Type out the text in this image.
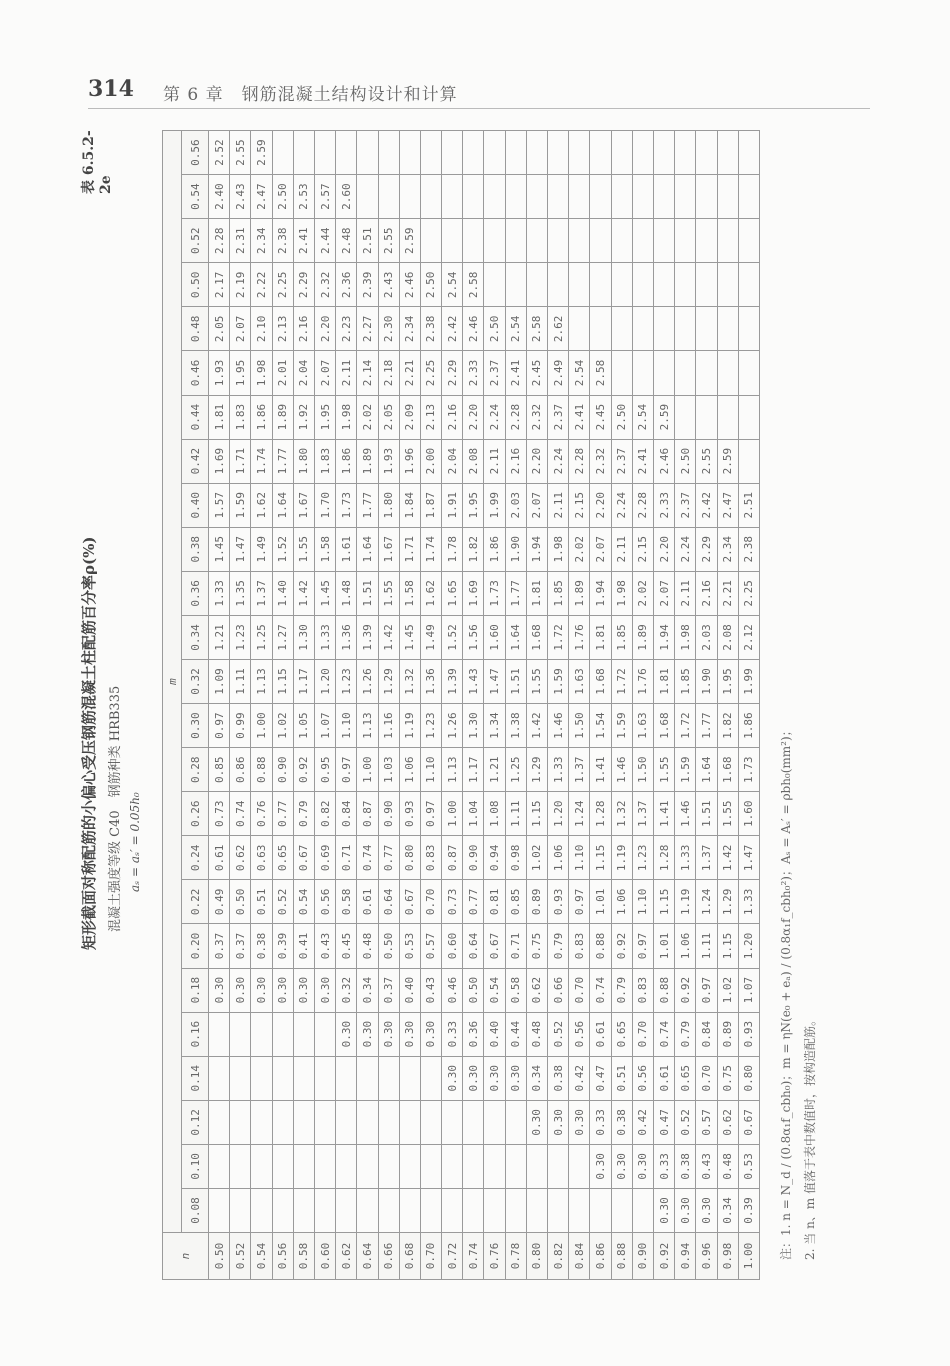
314 第 6 章　钢筋混凝土结构设计和计算
表 6.5.2-2e
矩形截面对称配筋的小偏心受压钢筋混凝土柱配筋百分率ρ(%) 混凝土强度等级 C40　钢筋种类 HRB335 aₛ = aₛ′ = 0.05h₀
n	m																								
	0.08	0.10	0.12	0.14	0.16	0.18	0.20	0.22	0.24	0.26	0.28	0.30	0.32	0.34	0.36	0.38	0.40	0.42	0.44	0.46	0.48	0.50	0.52	0.54	0.56
0.50						0.30	0.37	0.49	0.61	0.73	0.85	0.97	1.09	1.21	1.33	1.45	1.57	1.69	1.81	1.93	2.05	2.17	2.28	2.40	2.52
0.52						0.30	0.37	0.50	0.62	0.74	0.86	0.99	1.11	1.23	1.35	1.47	1.59	1.71	1.83	1.95	2.07	2.19	2.31	2.43	2.55
0.54						0.30	0.38	0.51	0.63	0.76	0.88	1.00	1.13	1.25	1.37	1.49	1.62	1.74	1.86	1.98	2.10	2.22	2.34	2.47	2.59
0.56						0.30	0.39	0.52	0.65	0.77	0.90	1.02	1.15	1.27	1.40	1.52	1.64	1.77	1.89	2.01	2.13	2.25	2.38	2.50	
0.58						0.30	0.41	0.54	0.67	0.79	0.92	1.05	1.17	1.30	1.42	1.55	1.67	1.80	1.92	2.04	2.16	2.29	2.41	2.53	
0.60						0.30	0.43	0.56	0.69	0.82	0.95	1.07	1.20	1.33	1.45	1.58	1.70	1.83	1.95	2.07	2.20	2.32	2.44	2.57	
0.62					0.30	0.32	0.45	0.58	0.71	0.84	0.97	1.10	1.23	1.36	1.48	1.61	1.73	1.86	1.98	2.11	2.23	2.36	2.48	2.60	
0.64					0.30	0.34	0.48	0.61	0.74	0.87	1.00	1.13	1.26	1.39	1.51	1.64	1.77	1.89	2.02	2.14	2.27	2.39	2.51		
0.66					0.30	0.37	0.50	0.64	0.77	0.90	1.03	1.16	1.29	1.42	1.55	1.67	1.80	1.93	2.05	2.18	2.30	2.43	2.55		
0.68					0.30	0.40	0.53	0.67	0.80	0.93	1.06	1.19	1.32	1.45	1.58	1.71	1.84	1.96	2.09	2.21	2.34	2.46	2.59		
0.70					0.30	0.43	0.57	0.70	0.83	0.97	1.10	1.23	1.36	1.49	1.62	1.74	1.87	2.00	2.13	2.25	2.38	2.50			
0.72				0.30	0.33	0.46	0.60	0.73	0.87	1.00	1.13	1.26	1.39	1.52	1.65	1.78	1.91	2.04	2.16	2.29	2.42	2.54			
0.74				0.30	0.36	0.50	0.64	0.77	0.90	1.04	1.17	1.30	1.43	1.56	1.69	1.82	1.95	2.08	2.20	2.33	2.46	2.58			
0.76				0.30	0.40	0.54	0.67	0.81	0.94	1.08	1.21	1.34	1.47	1.60	1.73	1.86	1.99	2.11	2.24	2.37	2.50				
0.78				0.30	0.44	0.58	0.71	0.85	0.98	1.11	1.25	1.38	1.51	1.64	1.77	1.90	2.03	2.16	2.28	2.41	2.54				
0.80			0.30	0.34	0.48	0.62	0.75	0.89	1.02	1.15	1.29	1.42	1.55	1.68	1.81	1.94	2.07	2.20	2.32	2.45	2.58				
0.82			0.30	0.38	0.52	0.66	0.79	0.93	1.06	1.20	1.33	1.46	1.59	1.72	1.85	1.98	2.11	2.24	2.37	2.49	2.62				
0.84			0.30	0.42	0.56	0.70	0.83	0.97	1.10	1.24	1.37	1.50	1.63	1.76	1.89	2.02	2.15	2.28	2.41	2.54					
0.86		0.30	0.33	0.47	0.61	0.74	0.88	1.01	1.15	1.28	1.41	1.54	1.68	1.81	1.94	2.07	2.20	2.32	2.45	2.58					
0.88		0.30	0.38	0.51	0.65	0.79	0.92	1.06	1.19	1.32	1.46	1.59	1.72	1.85	1.98	2.11	2.24	2.37	2.50						
0.90		0.30	0.42	0.56	0.70	0.83	0.97	1.10	1.23	1.37	1.50	1.63	1.76	1.89	2.02	2.15	2.28	2.41	2.54						
0.92	0.30	0.33	0.47	0.61	0.74	0.88	1.01	1.15	1.28	1.41	1.55	1.68	1.81	1.94	2.07	2.20	2.33	2.46	2.59						
0.94	0.30	0.38	0.52	0.65	0.79	0.92	1.06	1.19	1.33	1.46	1.59	1.72	1.85	1.98	2.11	2.24	2.37	2.50							
0.96	0.30	0.43	0.57	0.70	0.84	0.97	1.11	1.24	1.37	1.51	1.64	1.77	1.90	2.03	2.16	2.29	2.42	2.55							
0.98	0.34	0.48	0.62	0.75	0.89	1.02	1.15	1.29	1.42	1.55	1.68	1.82	1.95	2.08	2.21	2.34	2.47	2.59							
1.00	0.39	0.53	0.67	0.80	0.93	1.07	1.20	1.33	1.47	1.60	1.73	1.86	1.99	2.12	2.25	2.38	2.51								
注：1. n = N_d / (0.8α₁f_cbh₀)；m = ηN(e₀ + eₐ) / (0.8α₁f_cbh₀²)；Aₛ = Aₛ′ = ρbh₀(mm²)； 2. 当 n、m 值落于表中数值时，按构造配筋。
